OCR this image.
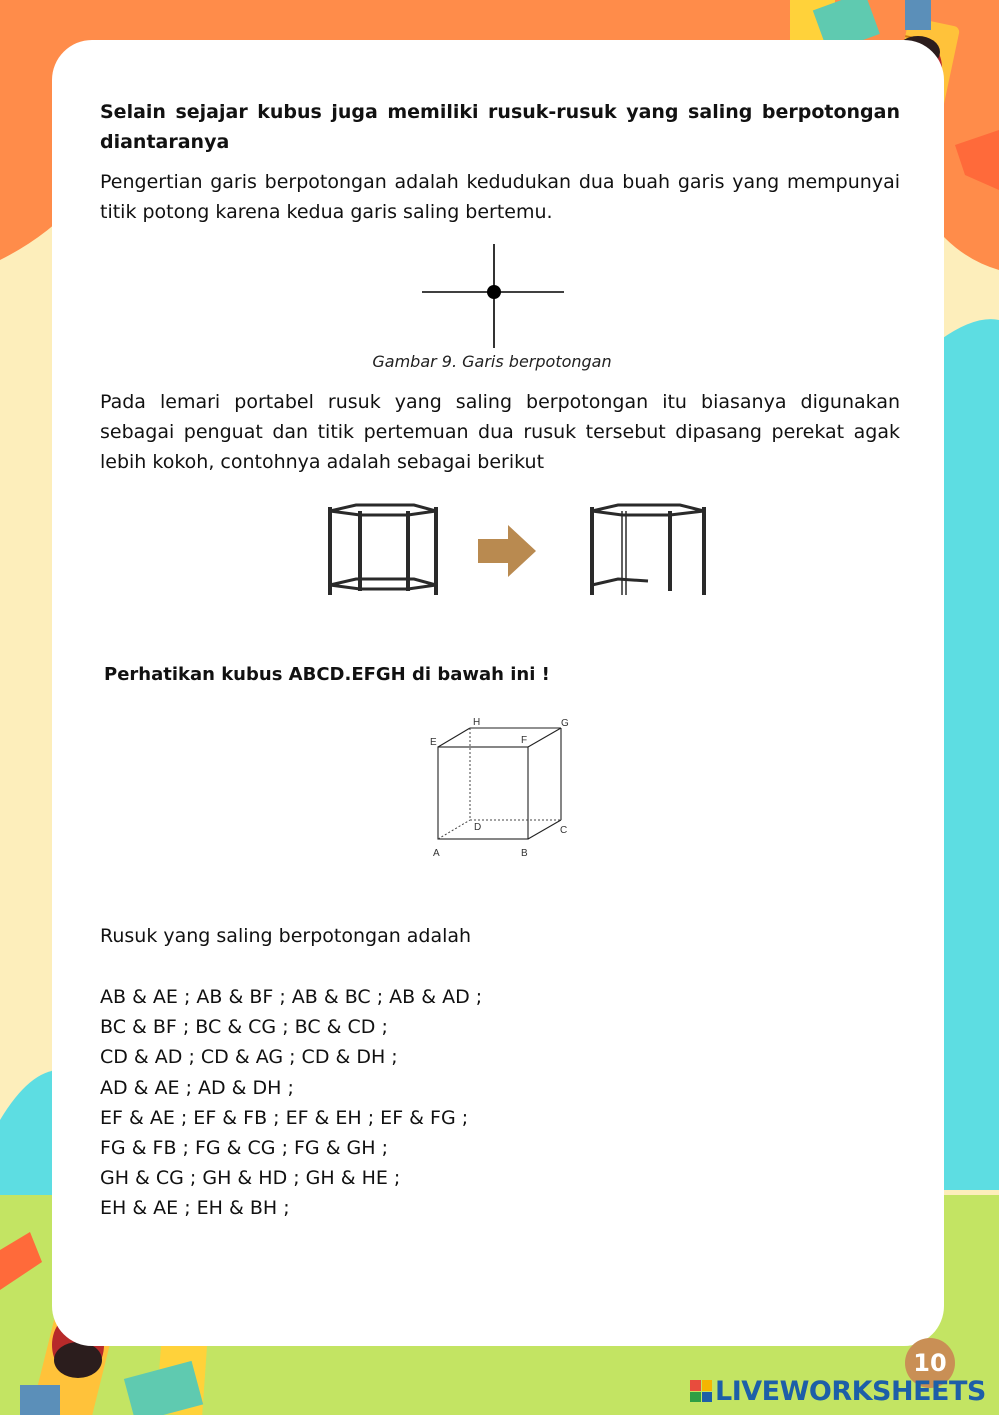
Selain sejajar kubus juga memiliki rusuk-rusuk yang saling berpotongan diantaranya
Pengertian garis berpotongan adalah kedudukan dua buah garis yang mempunyai titik potong karena kedua garis saling bertemu.
Gambar 9. Garis berpotongan
Pada lemari portabel rusuk yang saling berpotongan itu biasanya digunakan sebagai penguat dan titik pertemuan dua rusuk tersebut dipasang perekat agak lebih kokoh, contohnya adalah sebagai berikut
Perhatikan kubus ABCD.EFGH di bawah ini !
A	B
C
D
E	F
G
H
Rusuk yang saling berpotongan adalah
AB & AE ; AB & BF ; AB & BC ; AB & AD ;
BC & BF ; BC & CG ; BC & CD ;
CD & AD ; CD & AG ; CD & DH ;
AD & AE ; AD & DH ;
EF & AE ; EF & FB ; EF & EH ; EF & FG ;
FG & FB ; FG & CG ; FG & GH ;
GH & CG ; GH & HD ; GH & HE ;
EH & AE ; EH & BH ;
10
LIVEWORKSHEETS
